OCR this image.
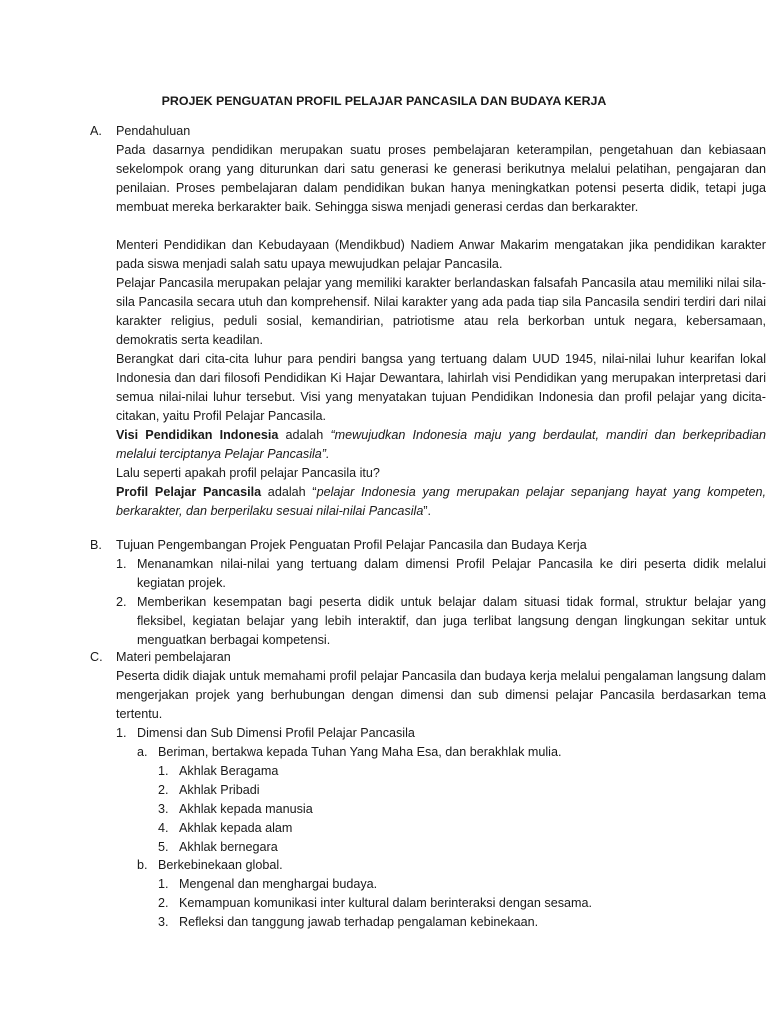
PROJEK PENGUATAN PROFIL PELAJAR PANCASILA DAN BUDAYA KERJA
A.	Pendahuluan
Pada dasarnya pendidikan merupakan suatu proses pembelajaran keterampilan, pengetahuan dan kebiasaan sekelompok orang yang diturunkan dari satu generasi ke generasi berikutnya melalui pelatihan, pengajaran dan penilaian. Proses pembelajaran dalam pendidikan bukan hanya meningkatkan potensi peserta didik, tetapi juga membuat mereka berkarakter baik. Sehingga siswa menjadi generasi cerdas dan berkarakter.
Menteri Pendidikan dan Kebudayaan (Mendikbud) Nadiem Anwar Makarim mengatakan jika pendidikan karakter pada siswa menjadi salah satu upaya mewujudkan pelajar Pancasila.
Pelajar Pancasila merupakan pelajar yang memiliki karakter berlandaskan falsafah Pancasila atau memiliki nilai sila-sila Pancasila secara utuh dan komprehensif. Nilai karakter yang ada pada tiap sila Pancasila sendiri terdiri dari nilai karakter religius, peduli sosial, kemandirian, patriotisme atau rela berkorban untuk negara, kebersamaan, demokratis serta keadilan.
Berangkat dari cita-cita luhur para pendiri bangsa yang tertuang dalam UUD 1945, nilai-nilai luhur kearifan lokal Indonesia dan dari filosofi Pendidikan Ki Hajar Dewantara, lahirlah visi Pendidikan yang merupakan interpretasi dari semua nilai-nilai luhur tersebut. Visi yang menyatakan tujuan Pendidikan Indonesia dan profil pelajar yang dicita-citakan, yaitu Profil Pelajar Pancasila.
Visi Pendidikan Indonesia adalah “mewujudkan Indonesia maju yang berdaulat, mandiri dan berkepribadian melalui terciptanya Pelajar Pancasila”.
Lalu seperti apakah profil pelajar Pancasila itu?
Profil Pelajar Pancasila adalah “pelajar Indonesia yang merupakan pelajar sepanjang hayat yang kompeten, berkarakter, dan berperilaku sesuai nilai-nilai Pancasila”.
B.	Tujuan Pengembangan Projek Penguatan Profil Pelajar Pancasila dan Budaya Kerja
1. Menanamkan nilai-nilai yang tertuang dalam dimensi Profil Pelajar Pancasila ke diri peserta didik melalui kegiatan projek.
2. Memberikan kesempatan bagi peserta didik untuk belajar dalam situasi tidak formal, struktur belajar yang fleksibel, kegiatan belajar yang lebih interaktif, dan juga terlibat langsung dengan lingkungan sekitar untuk menguatkan berbagai kompetensi.
C.	Materi pembelajaran
Peserta didik diajak untuk memahami profil pelajar Pancasila dan budaya kerja melalui pengalaman langsung dalam mengerjakan projek yang berhubungan dengan dimensi dan sub dimensi pelajar Pancasila berdasarkan tema tertentu.
1. Dimensi dan Sub Dimensi Profil Pelajar Pancasila
a. Beriman, bertakwa kepada Tuhan Yang Maha Esa, dan berakhlak mulia.
1. Akhlak Beragama
2. Akhlak Pribadi
3. Akhlak kepada manusia
4. Akhlak kepada alam
5. Akhlak bernegara
b. Berkebinekaan global.
1. Mengenal dan menghargai budaya.
2. Kemampuan komunikasi inter kultural dalam berinteraksi dengan sesama.
3. Refleksi dan tanggung jawab terhadap pengalaman kebinekaan.
